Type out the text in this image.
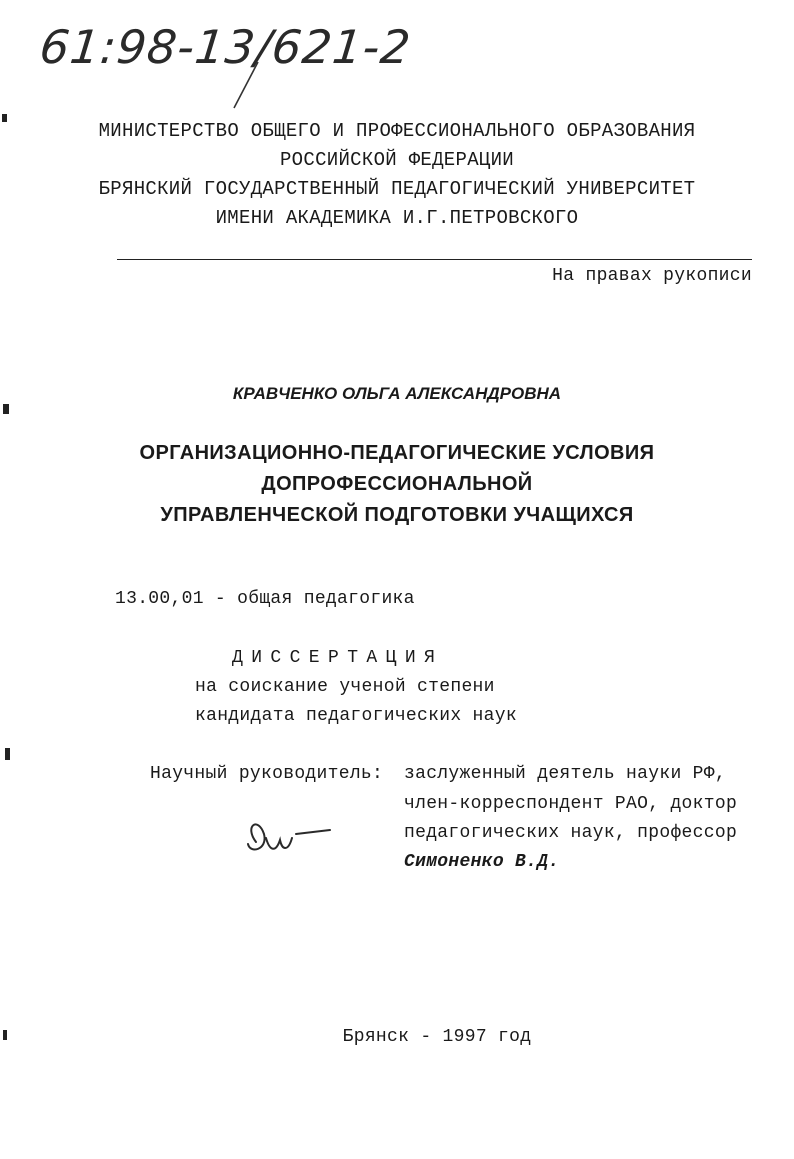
61:98-13/621-2
МИНИСТЕРСТВО ОБЩЕГО И ПРОФЕССИОНАЛЬНОГО ОБРАЗОВАНИЯ
РОССИЙСКОЙ ФЕДЕРАЦИИ
БРЯНСКИЙ ГОСУДАРСТВЕННЫЙ ПЕДАГОГИЧЕСКИЙ УНИВЕРСИТЕТ
ИМЕНИ АКАДЕМИКА И.Г.ПЕТРОВСКОГО
На правах рукописи
КРАВЧЕНКО ОЛЬГА АЛЕКСАНДРОВНА
ОРГАНИЗАЦИОННО-ПЕДАГОГИЧЕСКИЕ УСЛОВИЯ
ДОПРОФЕССИОНАЛЬНОЙ
УПРАВЛЕНЧЕСКОЙ ПОДГОТОВКИ УЧАЩИХСЯ
13.00,01 - общая педагогика
ДИССЕРТАЦИЯ
на соискание ученой степени
кандидата педагогических наук
Научный руководитель: заслуженный деятель науки РФ,
член-корреспондент РАО, доктор
педагогических наук, профессор
Симоненко В.Д.
Брянск - 1997 год
